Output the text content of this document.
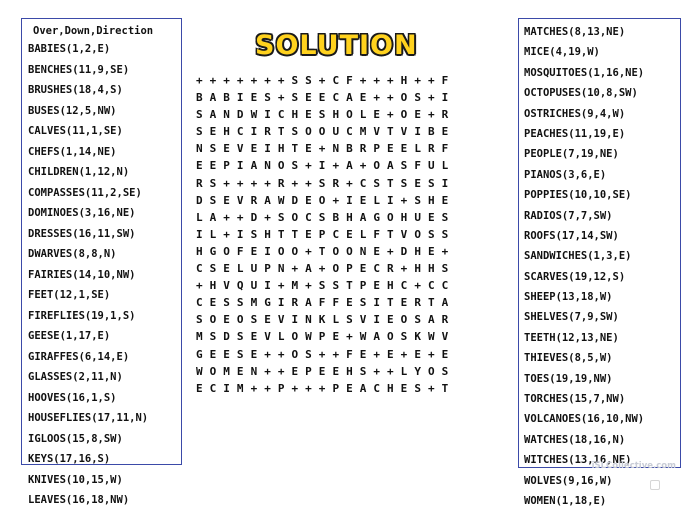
SOLUTION
Over,Down,Direction
BABIES(1,2,E)
BENCHES(11,9,SE)
BRUSHES(18,4,S)
BUSES(12,5,NW)
CALVES(11,1,SE)
CHEFS(1,14,NE)
CHILDREN(1,12,N)
COMPASSES(11,2,SE)
DOMINOES(3,16,NE)
DRESSES(16,11,SW)
DWARVES(8,8,N)
FAIRIES(14,10,NW)
FEET(12,1,SE)
FIREFLIES(19,1,S)
GEESE(1,17,E)
GIRAFFES(6,14,E)
GLASSES(2,11,N)
HOOVES(16,1,S)
HOUSEFLIES(17,11,N)
IGLOOS(15,8,SW)
KEYS(17,16,S)
KNIVES(10,15,W)
LEAVES(16,18,NW)
+ + + + + + + S S + C F + + + H + + F
B A B I E S + S E E C A E + + O S + I
S A N D W I C H E S H O L E + O E + R
S E H C I R T S O O U C M V T V I B E
N S E V E I H T E + N B R P E E L R F
E E P I A N O S + I + A + O A S F U L
R S + + + + R + + S R + C S T S E S I
D S E V R A W D E O + I E L I + S H E
L A + + D + S O C S B H A G O H U E S
I L + I S H T T E P C E L F T V O S S
H G O F E I O O + T O O N E + D H E +
C S E L U P N + A + O P E C R + H H S
+ H V Q U I + M + S S T P E H C + C C
C E S S M G I R A F F E S I T E R T A
S O E O S E V I N K L S V I E O S A R
M S D S E V L O W P E + W A O S K W V
G E E S E + + O S + + F E + E + E + E
W O M E N + + E P E E H S + + L Y O S
E C I M + + P + + + P E A C H E S + T
MATCHES(8,13,NE)
MICE(4,19,W)
MOSQUITOES(1,16,NE)
OCTOPUSES(10,8,SW)
OSTRICHES(9,4,W)
PEACHES(11,19,E)
PEOPLE(7,19,NE)
PIANOS(3,6,E)
POPPIES(10,10,SE)
RADIOS(7,7,SW)
ROOFS(17,14,SW)
SANDWICHES(1,3,E)
SCARVES(19,12,S)
SHEEP(13,18,W)
SHELVES(7,9,SW)
TEETH(12,13,NE)
THIEVES(8,5,W)
TOES(19,19,NW)
TORCHES(15,7,NW)
VOLCANOES(16,10,NW)
WATCHES(18,16,N)
WITCHES(13,16,NE)
WOLVES(9,16,W)
WOMEN(1,18,E)
iSLCollective.com
